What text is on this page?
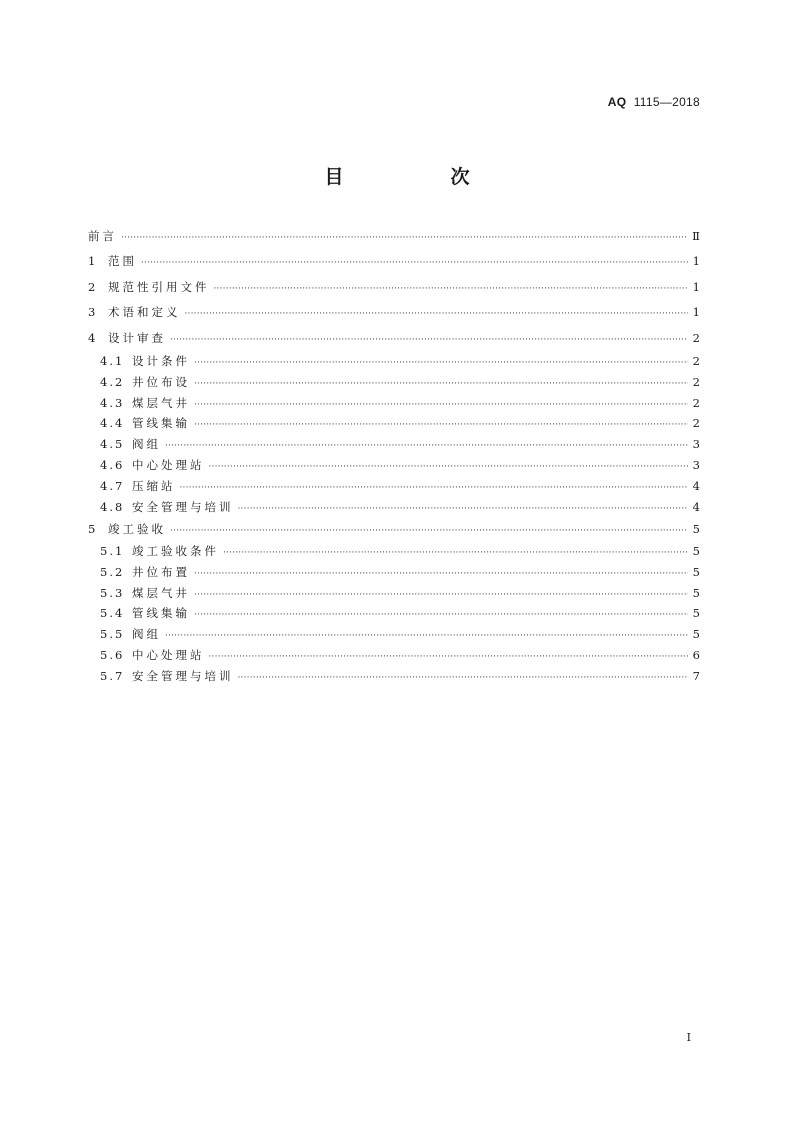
AQ 1115—2018
目　次
前言 ·····	Ⅱ
1	范围 ·····	1
2	规范性引用文件 ·····	1
3	术语和定义 ·····	1
4	设计审查 ·····	2
4.1 设计条件 ·····	2
4.2 井位布设 ·····	2
4.3 煤层气井 ·····	2
4.4 管线集输 ·····	2
4.5 阀组 ·····	3
4.6 中心处理站 ·····	3
4.7 压缩站 ·····	4
4.8 安全管理与培训 ·····	4
5	竣工验收 ·····	5
5.1 竣工验收条件 ·····	5
5.2 井位布置 ·····	5
5.3 煤层气井 ·····	5
5.4 管线集输 ·····	5
5.5 阀组 ·····	5
5.6 中心处理站 ·····	6
5.7 安全管理与培训 ·····	7
I
